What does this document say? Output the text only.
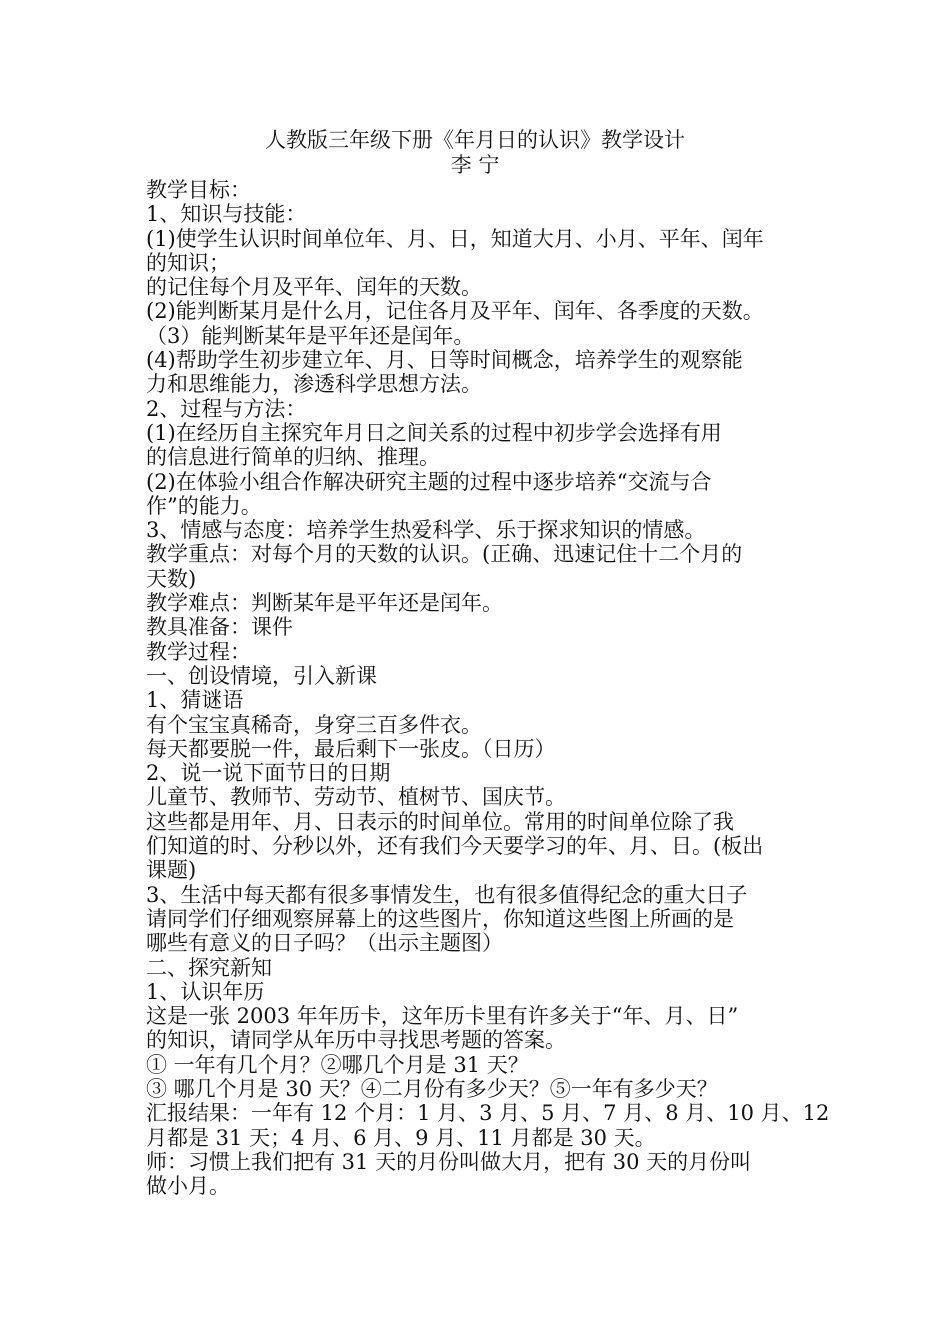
人教版三年级下册《年月日的认识》教学设计
李 宁
教学目标：
1、知识与技能：
(1)使学生认识时间单位年、月、日，知道大月、小月、平年、闰年
的知识；
的记住每个月及平年、闰年的天数。
(2)能判断某月是什么月，记住各月及平年、闰年、各季度的天数。
（3）能判断某年是平年还是闰年。
(4)帮助学生初步建立年、月、日等时间概念，培养学生的观察能
力和思维能力，渗透科学思想方法。
2、过程与方法：
(1)在经历自主探究年月日之间关系的过程中初步学会选择有用
的信息进行简单的归纳、推理。
(2)在体验小组合作解决研究主题的过程中逐步培养“交流与合
作”的能力。
3、情感与态度：培养学生热爱科学、乐于探求知识的情感。
教学重点：对每个月的天数的认识。(正确、迅速记住十二个月的
天数)
教学难点：判断某年是平年还是闰年。
教具准备：课件
教学过程：
一、创设情境，引入新课
1、猜谜语
有个宝宝真稀奇，身穿三百多件衣。
每天都要脱一件，最后剩下一张皮。（日历）
2、说一说下面节日的日期
儿童节、教师节、劳动节、植树节、国庆节。
这些都是用年、月、日表示的时间单位。常用的时间单位除了我
们知道的时、分秒以外，还有我们今天要学习的年、月、日。(板出
课题)
3、生活中每天都有很多事情发生，也有很多值得纪念的重大日子
请同学们仔细观察屏幕上的这些图片，你知道这些图上所画的是
哪些有意义的日子吗？（出示主题图）
二、探究新知
1、认识年历
这是一张 2003 年年历卡，这年历卡里有许多关于“年、月、日”
的知识，请同学从年历中寻找思考题的答案。
① 一年有几个月？②哪几个月是 31 天？
③ 哪几个月是 30 天？④二月份有多少天？⑤一年有多少天？
汇报结果：一年有 12 个月：1 月、3 月、5 月、7 月、8 月、10 月、12
月都是 31 天；4 月、6 月、9 月、11 月都是 30 天。
师：习惯上我们把有 31 天的月份叫做大月，把有 30 天的月份叫
做小月。
